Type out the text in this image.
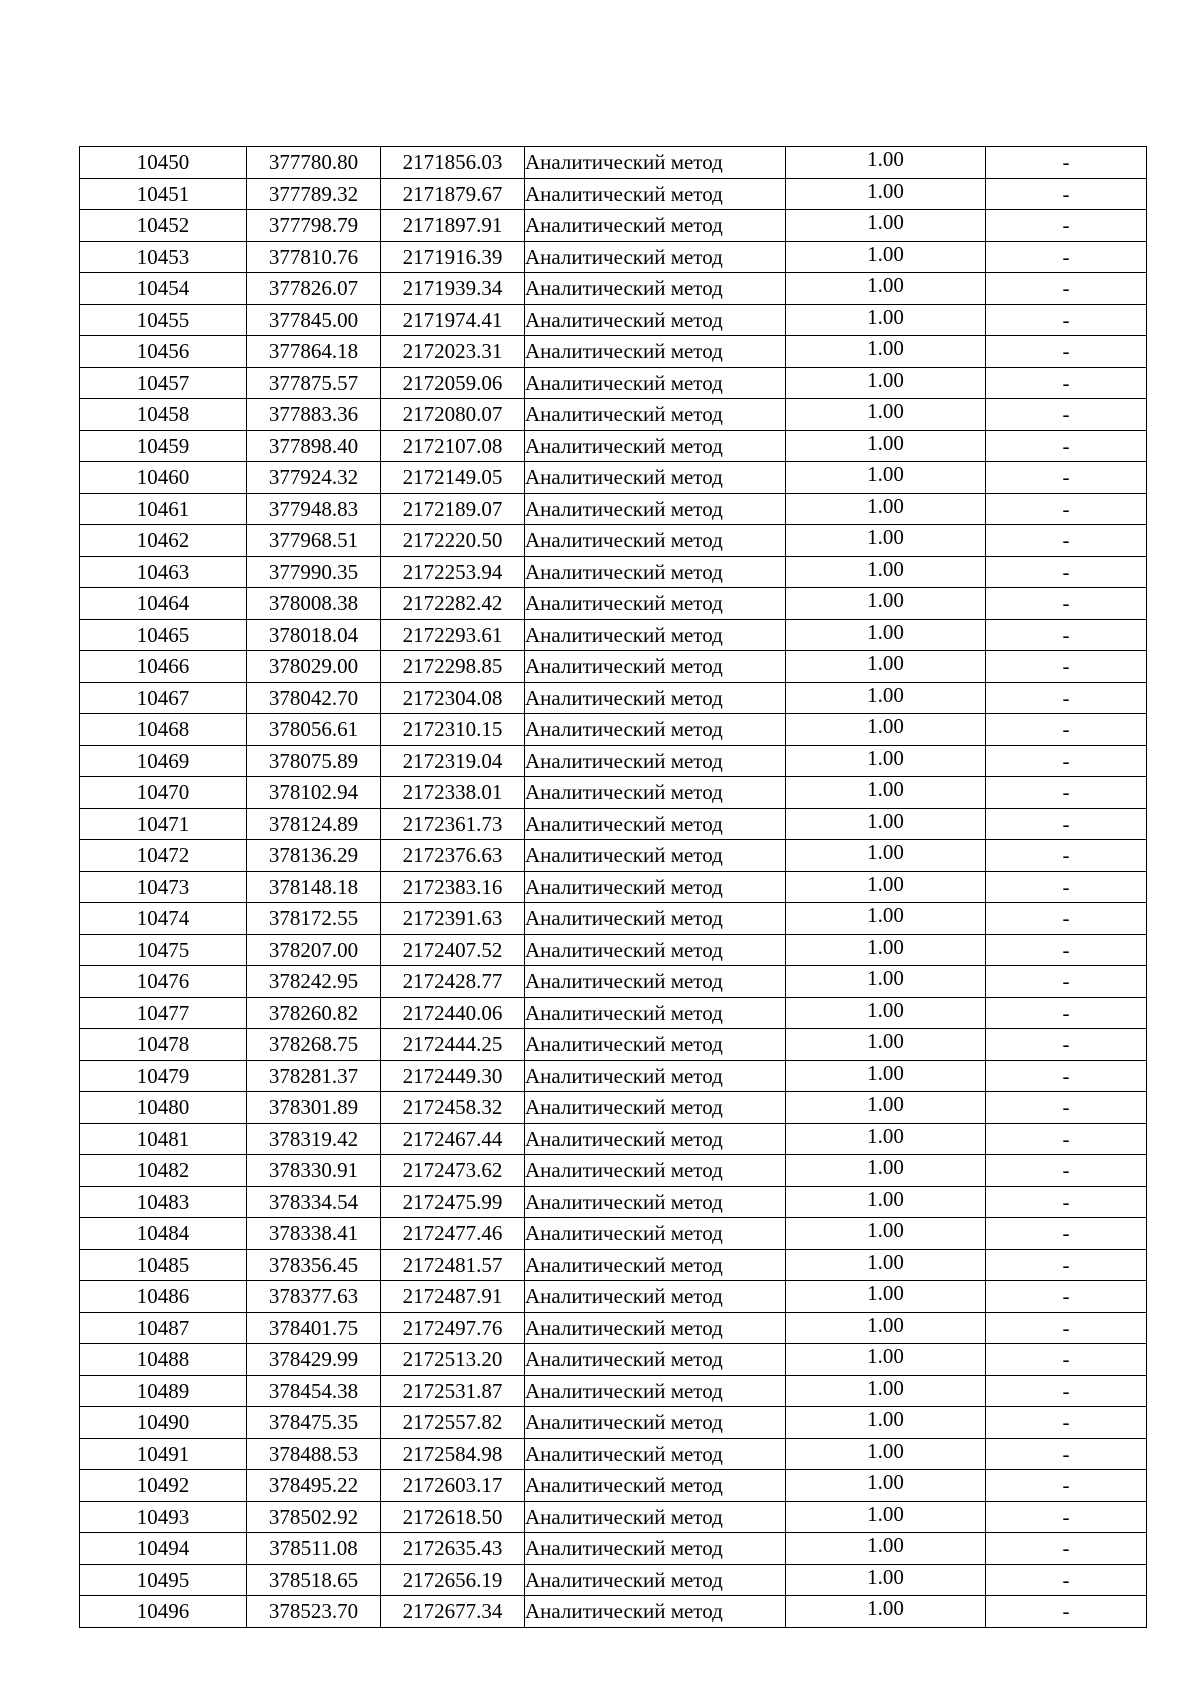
10450	377780.80	2171856.03	Аналитический метод	1.00	-
10451	377789.32	2171879.67	Аналитический метод	1.00	-
10452	377798.79	2171897.91	Аналитический метод	1.00	-
10453	377810.76	2171916.39	Аналитический метод	1.00	-
10454	377826.07	2171939.34	Аналитический метод	1.00	-
10455	377845.00	2171974.41	Аналитический метод	1.00	-
10456	377864.18	2172023.31	Аналитический метод	1.00	-
10457	377875.57	2172059.06	Аналитический метод	1.00	-
10458	377883.36	2172080.07	Аналитический метод	1.00	-
10459	377898.40	2172107.08	Аналитический метод	1.00	-
10460	377924.32	2172149.05	Аналитический метод	1.00	-
10461	377948.83	2172189.07	Аналитический метод	1.00	-
10462	377968.51	2172220.50	Аналитический метод	1.00	-
10463	377990.35	2172253.94	Аналитический метод	1.00	-
10464	378008.38	2172282.42	Аналитический метод	1.00	-
10465	378018.04	2172293.61	Аналитический метод	1.00	-
10466	378029.00	2172298.85	Аналитический метод	1.00	-
10467	378042.70	2172304.08	Аналитический метод	1.00	-
10468	378056.61	2172310.15	Аналитический метод	1.00	-
10469	378075.89	2172319.04	Аналитический метод	1.00	-
10470	378102.94	2172338.01	Аналитический метод	1.00	-
10471	378124.89	2172361.73	Аналитический метод	1.00	-
10472	378136.29	2172376.63	Аналитический метод	1.00	-
10473	378148.18	2172383.16	Аналитический метод	1.00	-
10474	378172.55	2172391.63	Аналитический метод	1.00	-
10475	378207.00	2172407.52	Аналитический метод	1.00	-
10476	378242.95	2172428.77	Аналитический метод	1.00	-
10477	378260.82	2172440.06	Аналитический метод	1.00	-
10478	378268.75	2172444.25	Аналитический метод	1.00	-
10479	378281.37	2172449.30	Аналитический метод	1.00	-
10480	378301.89	2172458.32	Аналитический метод	1.00	-
10481	378319.42	2172467.44	Аналитический метод	1.00	-
10482	378330.91	2172473.62	Аналитический метод	1.00	-
10483	378334.54	2172475.99	Аналитический метод	1.00	-
10484	378338.41	2172477.46	Аналитический метод	1.00	-
10485	378356.45	2172481.57	Аналитический метод	1.00	-
10486	378377.63	2172487.91	Аналитический метод	1.00	-
10487	378401.75	2172497.76	Аналитический метод	1.00	-
10488	378429.99	2172513.20	Аналитический метод	1.00	-
10489	378454.38	2172531.87	Аналитический метод	1.00	-
10490	378475.35	2172557.82	Аналитический метод	1.00	-
10491	378488.53	2172584.98	Аналитический метод	1.00	-
10492	378495.22	2172603.17	Аналитический метод	1.00	-
10493	378502.92	2172618.50	Аналитический метод	1.00	-
10494	378511.08	2172635.43	Аналитический метод	1.00	-
10495	378518.65	2172656.19	Аналитический метод	1.00	-
10496	378523.70	2172677.34	Аналитический метод	1.00	-
